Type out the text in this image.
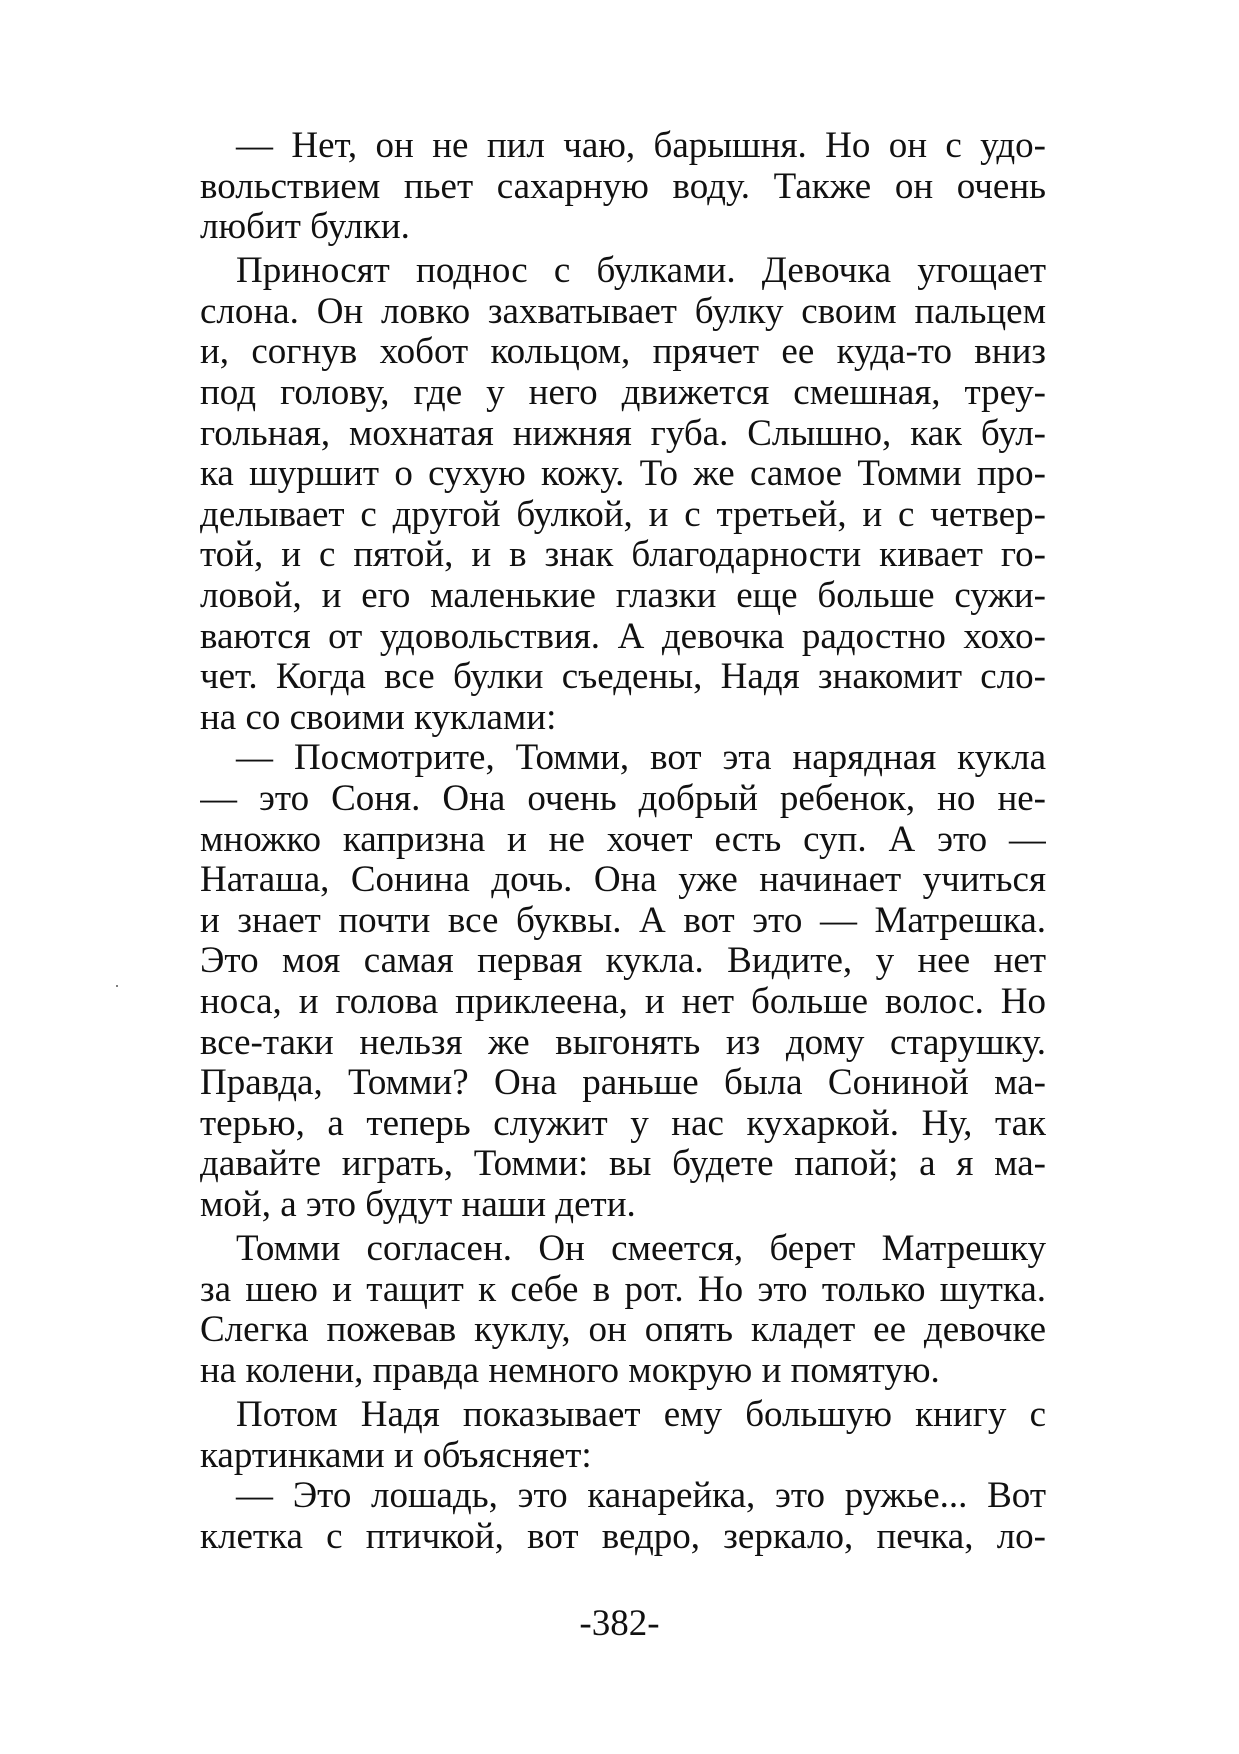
— Нет, он не пил чаю, барышня. Но он с удо-
вольствием пьет сахарную воду. Также он очень
любит булки.
Приносят поднос с булками. Девочка угощает
слона. Он ловко захватывает булку своим пальцем
и, согнув хобот кольцом, прячет ее куда-то вниз
под голову, где у него движется смешная, треу-
гольная, мохнатая нижняя губа. Слышно, как бул-
ка шуршит о сухую кожу. То же самое Томми про-
делывает с другой булкой, и с третьей, и с четвер-
той, и с пятой, и в знак благодарности кивает го-
ловой, и его маленькие глазки еще больше сужи-
ваются от удовольствия. А девочка радостно хохо-
чет. Когда все булки съедены, Надя знакомит сло-
на со своими куклами:
— Посмотрите, Томми, вот эта нарядная кукла
— это Соня. Она очень добрый ребенок, но не-
множко капризна и не хочет есть суп. А это —
Наташа, Сонина дочь. Она уже начинает учиться
и знает почти все буквы. А вот это — Матрешка.
Это моя самая первая кукла. Видите, у нее нет
носа, и голова приклеена, и нет больше волос. Но
все-таки нельзя же выгонять из дому старушку.
Правда, Томми? Она раньше была Сониной ма-
терью, а теперь служит у нас кухаркой. Ну, так
давайте играть, Томми: вы будете папой; а я ма-
мой, а это будут наши дети.
Томми согласен. Он смеется, берет Матрешку
за шею и тащит к себе в рот. Но это только шутка.
Слегка пожевав куклу, он опять кладет ее девочке
на колени, правда немного мокрую и помятую.
Потом Надя показывает ему большую книгу с
картинками и объясняет:
— Это лошадь, это канарейка, это ружье... Вот
клетка с птичкой, вот ведро, зеркало, печка, ло-
-382-
